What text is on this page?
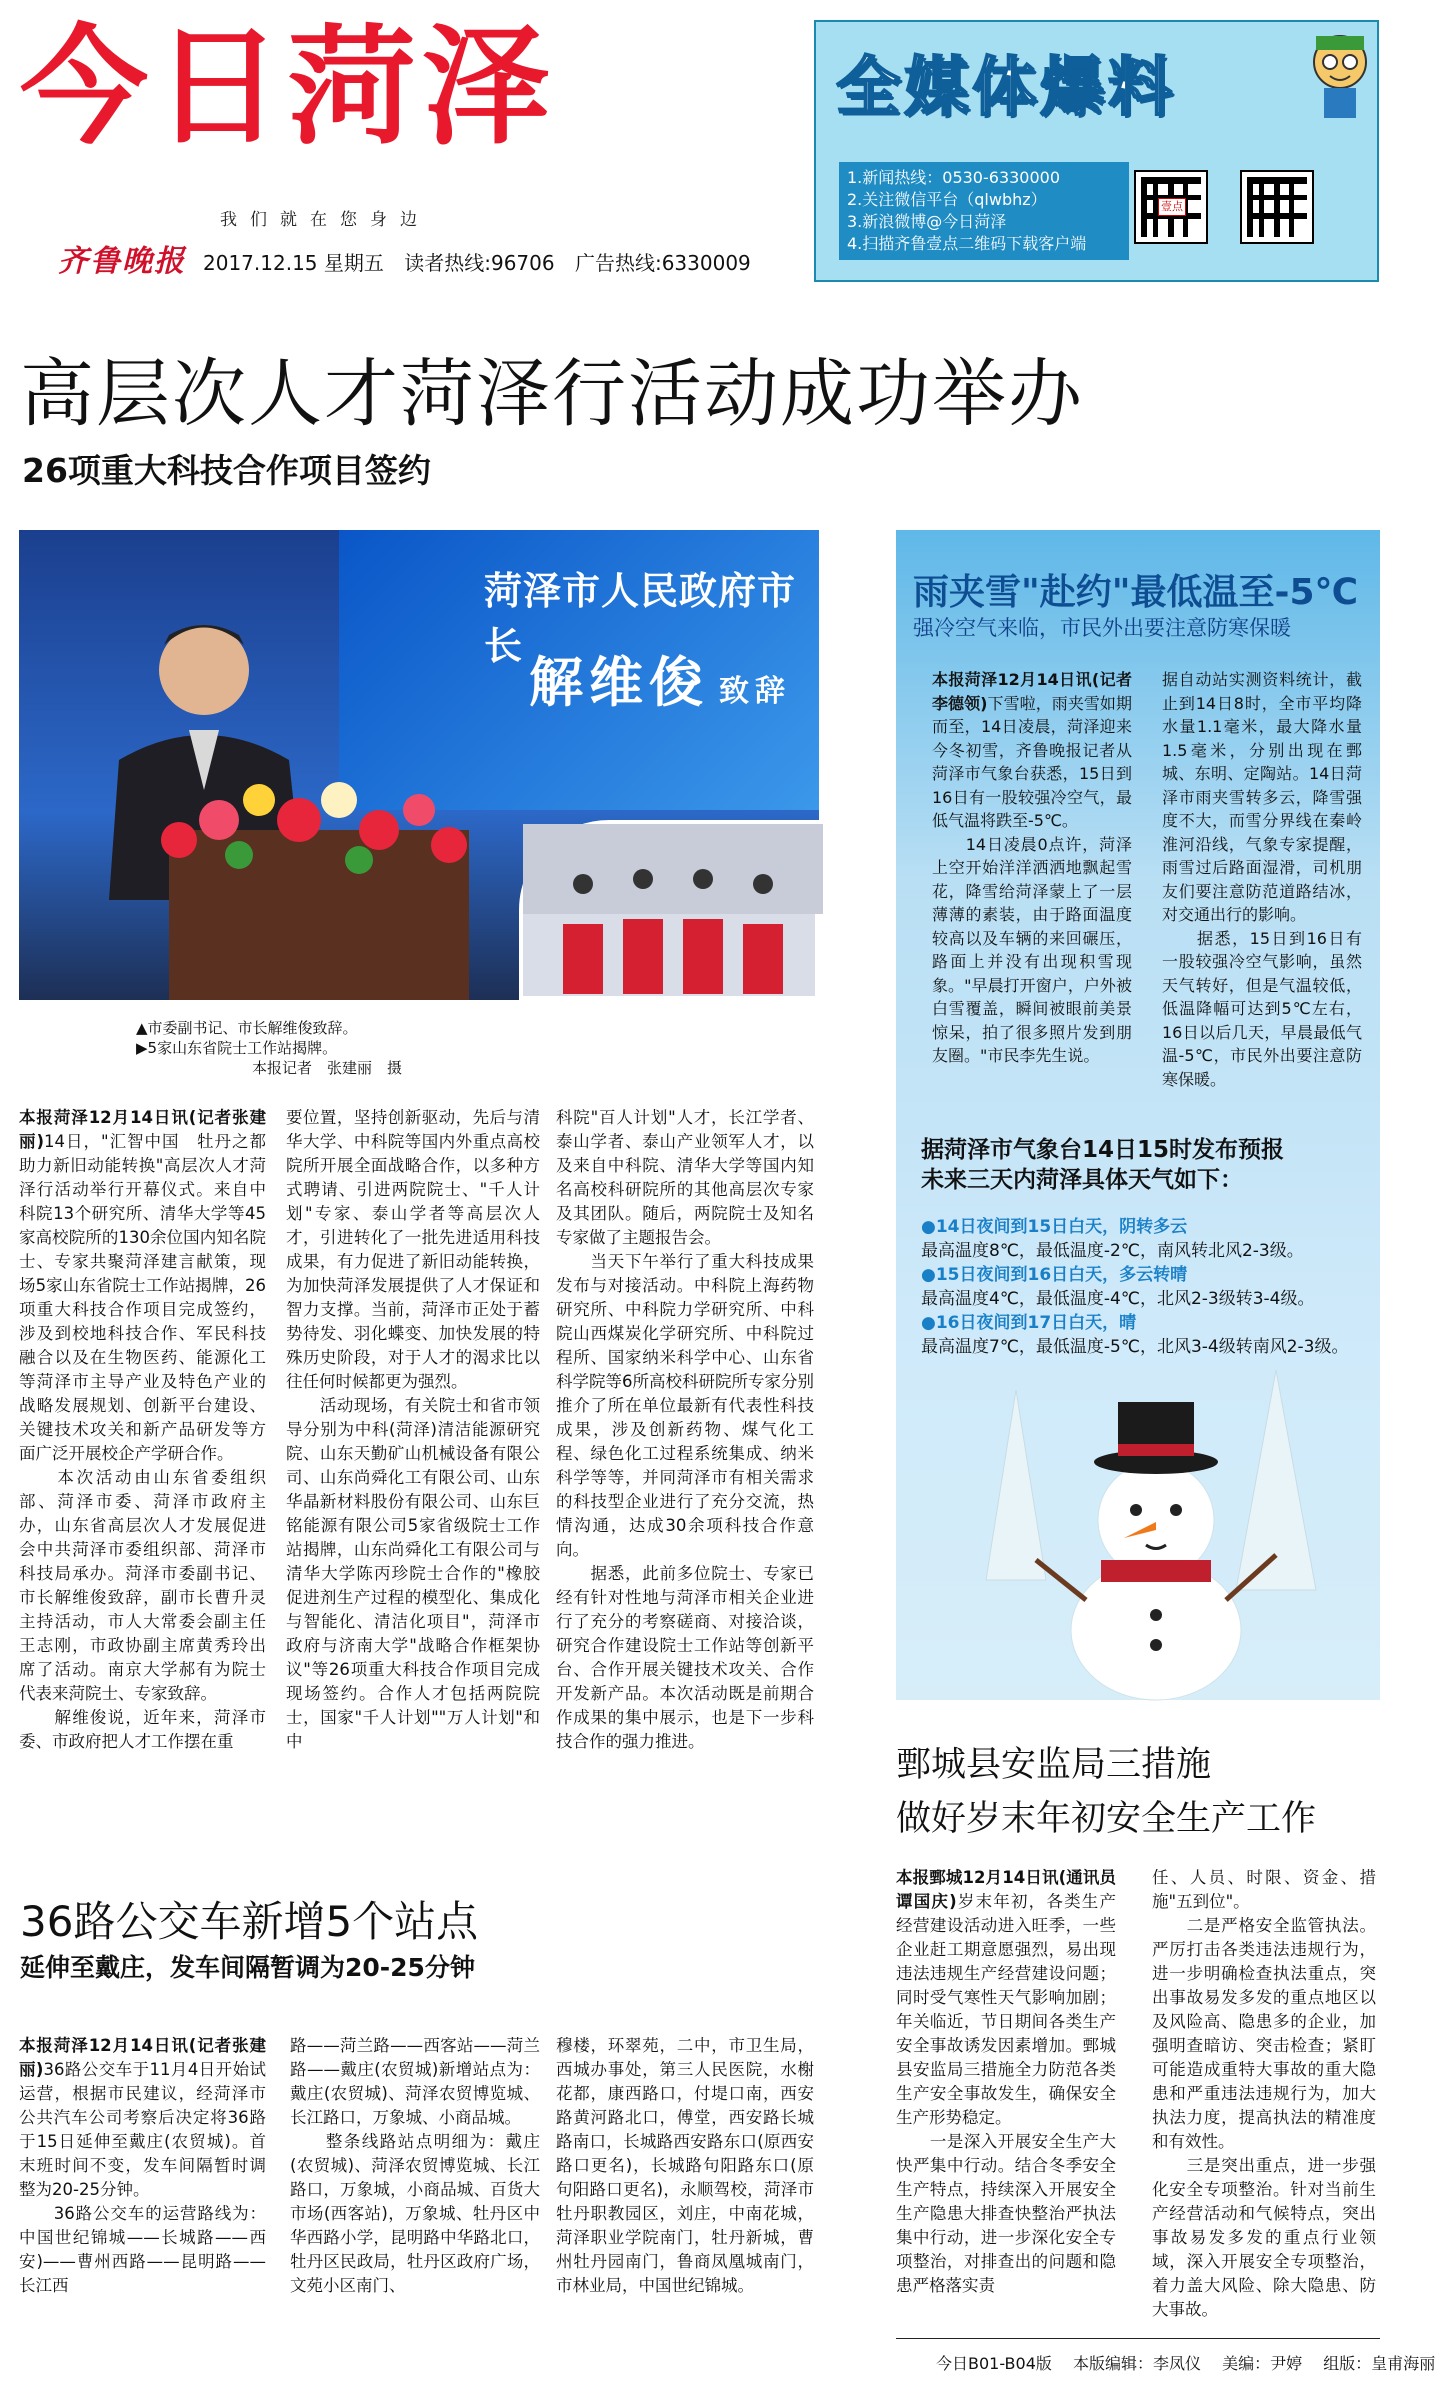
今日菏泽
我们就在您身边
齐鲁晚报 2017.12.15 星期五 读者热线:96706 广告热线:6330009
全媒体爆料
1.新闻热线：0530-6330000
2.关注微信平台（qlwbhz）
3.新浪微博@今日菏泽
4.扫描齐鲁壹点二维码下载客户端
壹点
高层次人才菏泽行活动成功举办
26项重大科技合作项目签约
菏泽市人民政府市长
解维俊 致辞
▲市委副书记、市长解维俊致辞。
▶5家山东省院士工作站揭牌。
本报记者　张建丽　摄
本报菏泽12月14日讯(记者张建丽)14日，"汇智中国　牡丹之都　助力新旧动能转换"高层次人才菏泽行活动举行开幕仪式。来自中科院13个研究所、清华大学等45家高校院所的130余位国内知名院士、专家共聚菏泽建言献策，现场5家山东省院士工作站揭牌，26项重大科技合作项目完成签约，涉及到校地科技合作、军民科技融合以及在生物医药、能源化工等菏泽市主导产业及特色产业的战略发展规划、创新平台建设、关键技术攻关和新产品研发等方面广泛开展校企产学研合作。
　　本次活动由山东省委组织部、菏泽市委、菏泽市政府主办，山东省高层次人才发展促进会中共菏泽市委组织部、菏泽市科技局承办。菏泽市委副书记、市长解维俊致辞，副市长曹升灵主持活动，市人大常委会副主任王志刚，市政协副主席黄秀玲出席了活动。南京大学郝有为院士代表来菏院士、专家致辞。
　　解维俊说，近年来，菏泽市委、市政府把人才工作摆在重
要位置，坚持创新驱动，先后与清华大学、中科院等国内外重点高校院所开展全面战略合作，以多种方式聘请、引进两院院士、"千人计划"专家、泰山学者等高层次人才，引进转化了一批先进适用科技成果，有力促进了新旧动能转换，为加快菏泽发展提供了人才保证和智力支撑。当前，菏泽市正处于蓄势待发、羽化蝶变、加快发展的特殊历史阶段，对于人才的渴求比以往任何时候都更为强烈。
　　活动现场，有关院士和省市领导分别为中科(菏泽)清洁能源研究院、山东天勤矿山机械设备有限公司、山东尚舜化工有限公司、山东华晶新材料股份有限公司、山东巨铭能源有限公司5家省级院士工作站揭牌，山东尚舜化工有限公司与清华大学陈丙珍院士合作的"橡胶促进剂生产过程的模型化、集成化与智能化、清洁化项目"，菏泽市政府与济南大学"战略合作框架协议"等26项重大科技合作项目完成现场签约。合作人才包括两院院士，国家"千人计划""万人计划"和中
科院"百人计划"人才，长江学者、泰山学者、泰山产业领军人才，以及来自中科院、清华大学等国内知名高校科研院所的其他高层次专家及其团队。随后，两院院士及知名专家做了主题报告会。
　　当天下午举行了重大科技成果发布与对接活动。中科院上海药物研究所、中科院力学研究所、中科院山西煤炭化学研究所、中科院过程所、国家纳米科学中心、山东省科学院等6所高校科研院所专家分别推介了所在单位最新有代表性科技成果，涉及创新药物、煤气化工程、绿色化工过程系统集成、纳米科学等等，并同菏泽市有相关需求的科技型企业进行了充分交流，热情沟通，达成30余项科技合作意向。
　　据悉，此前多位院士、专家已经有针对性地与菏泽市相关企业进行了充分的考察磋商、对接洽谈，研究合作建设院士工作站等创新平台、合作开展关键技术攻关、合作开发新产品。本次活动既是前期合作成果的集中展示，也是下一步科技合作的强力推进。
雨夹雪"赴约"最低温至-5℃
强冷空气来临，市民外出要注意防寒保暖
本报菏泽12月14日讯(记者　李德领)下雪啦，雨夹雪如期而至，14日凌晨，菏泽迎来今冬初雪，齐鲁晚报记者从菏泽市气象台获悉，15日到16日有一股较强冷空气，最低气温将跌至-5℃。
　　14日凌晨0点许，菏泽上空开始洋洋洒洒地飘起雪花，降雪给菏泽蒙上了一层薄薄的素装，由于路面温度较高以及车辆的来回碾压，路面上并没有出现积雪现象。"早晨打开窗户，户外被白雪覆盖，瞬间被眼前美景惊呆，拍了很多照片发到朋友圈。"市民李先生说。
据自动站实测资料统计，截止到14日8时，全市平均降水量1.1毫米，最大降水量1.5毫米，分别出现在鄄城、东明、定陶站。14日菏泽市雨夹雪转多云，降雪强度不大，而雪分界线在秦岭淮河沿线，气象专家提醒，雨雪过后路面湿滑，司机朋友们要注意防范道路结冰，对交通出行的影响。
　　据悉，15日到16日有一股较强冷空气影响，虽然天气转好，但是气温较低，低温降幅可达到5℃左右，16日以后几天，早晨最低气温-5℃，市民外出要注意防寒保暖。
据菏泽市气象台14日15时发布预报
未来三天内菏泽具体天气如下：
●14日夜间到15日白天，阴转多云
最高温度8℃，最低温度-2℃，南风转北风2-3级。
●15日夜间到16日白天，多云转晴
最高温度4℃，最低温度-4℃，北风2-3级转3-4级。
●16日夜间到17日白天，晴
最高温度7℃，最低温度-5℃，北风3-4级转南风2-3级。
鄄城县安监局三措施
做好岁末年初安全生产工作
本报鄄城12月14日讯(通讯员　谭国庆)岁末年初，各类生产经营建设活动进入旺季，一些企业赶工期意愿强烈，易出现违法违规生产经营建设问题；同时受气寒性天气影响加剧；年关临近，节日期间各类生产安全事故诱发因素增加。鄄城县安监局三措施全力防范各类生产安全事故发生，确保安全生产形势稳定。
　　一是深入开展安全生产大快严集中行动。结合冬季安全生产特点，持续深入开展安全生产隐患大排查快整治严执法集中行动，进一步深化安全专项整治，对排查出的问题和隐患严格落实责
任、人员、时限、资金、措施"五到位"。
　　二是严格安全监管执法。严厉打击各类违法违规行为，进一步明确检查执法重点，突出事故易发多发的重点地区以及风险高、隐患多的企业，加强明查暗访、突击检查；紧盯可能造成重特大事故的重大隐患和严重违法违规行为，加大执法力度，提高执法的精准度和有效性。
　　三是突出重点，进一步强化安全专项整治。针对当前生产经营活动和气候特点，突出事故易发多发的重点行业领域，深入开展安全专项整治，着力盖大风险、除大隐患、防大事故。
36路公交车新增5个站点
延伸至戴庄，发车间隔暂调为20-25分钟
本报菏泽12月14日讯(记者张建丽)36路公交车于11月4日开始试运营，根据市民建议，经菏泽市公共汽车公司考察后决定将36路于15日延伸至戴庄(农贸城)。首末班时间不变，发车间隔暂时调整为20-25分钟。
　　36路公交车的运营路线为：中国世纪锦城——长城路——西安)——曹州西路——昆明路——长江西
路——菏兰路——西客站——菏兰路——戴庄(农贸城)新增站点为：戴庄(农贸城)、菏泽农贸博览城、长江路口，万象城、小商品城。
　　整条线路站点明细为：戴庄(农贸城)、菏泽农贸博览城、长江路口，万象城，小商品城、百货大市场(西客站)，万象城、牡丹区中华西路小学，昆明路中华路北口，牡丹区民政局，牡丹区政府广场，文苑小区南门、
穆楼，环翠苑，二中，市卫生局，西城办事处，第三人民医院，水榭花都，康西路口，付堤口南，西安路黄河路北口，傅堂，西安路长城路南口，长城路西安路东口(原西安路口更名)，长城路句阳路东口(原句阳路口更名)，永顺驾校，菏泽市牡丹职教园区，刘庄，中南花城，菏泽职业学院南门，牡丹新城，曹州牡丹园南门，鲁商凤凰城南门，市林业局，中国世纪锦城。
今日B01-B04版 本版编辑：李凤仪 美编：尹婷 组版：皇甫海丽
